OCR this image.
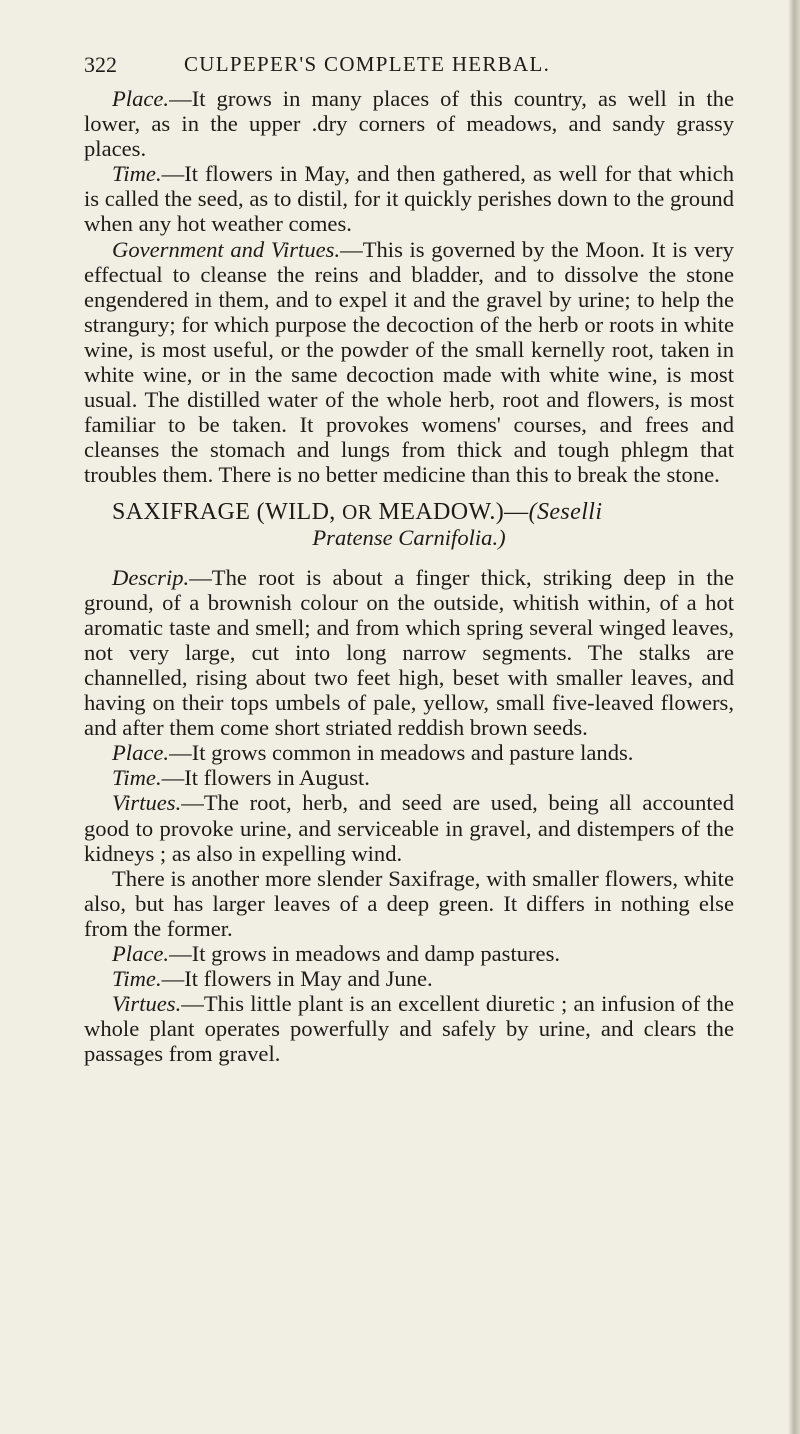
322	CULPEPER'S COMPLETE HERBAL.

Place.—It grows in many places of this country, as well in the lower, as in the upper .dry corners of meadows, and sandy grassy places.

Time.—It flowers in May, and then gathered, as well for that which is called the seed, as to distil, for it quickly perishes down to the ground when any hot weather comes.

Government and Virtues.—This is governed by the Moon. It is very effectual to cleanse the reins and bladder, and to dissolve the stone engendered in them, and to expel it and the gravel by urine; to help the strangury; for which purpose the decoction of the herb or roots in white wine, is most useful, or the powder of the small kernelly root, taken in white wine, or in the same decoction made with white wine, is most usual. The distilled water of the whole herb, root and flowers, is most familiar to be taken. It provokes womens' courses, and frees and cleanses the stomach and lungs from thick and tough phlegm that troubles them. There is no better medicine than this to break the stone.

SAXIFRAGE (WILD, OR MEADOW.)—(Seselli
Pratense Carnifolia.)

Descrip.—The root is about a finger thick, striking deep in the ground, of a brownish colour on the outside, whitish within, of a hot aromatic taste and smell; and from which spring several winged leaves, not very large, cut into long narrow segments. The stalks are channelled, rising about two feet high, beset with smaller leaves, and having on their tops umbels of pale, yellow, small five-leaved flowers, and after them come short striated reddish brown seeds.

Place.—It grows common in meadows and pasture lands.

Time.—It flowers in August.

Virtues.—The root, herb, and seed are used, being all accounted good to provoke urine, and serviceable in gravel, and distempers of the kidneys ; as also in expelling wind.

There is another more slender Saxifrage, with smaller flowers, white also, but has larger leaves of a deep green. It differs in nothing else from the former.

Place.—It grows in meadows and damp pastures.

Time.—It flowers in May and June.

Virtues.—This little plant is an excellent diuretic ; an infusion of the whole plant operates powerfully and safely by urine, and clears the passages from gravel.
